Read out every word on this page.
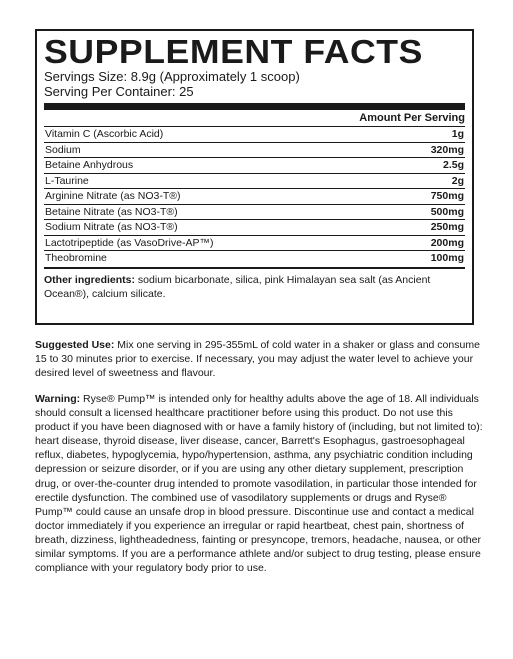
SUPPLEMENT FACTS
Servings Size: 8.9g (Approximately 1 scoop)
Serving Per Container: 25
Amount Per Serving
Vitamin C (Ascorbic Acid)	1g
Sodium	320mg
Betaine Anhydrous	2.5g
L-Taurine	2g
Arginine Nitrate (as NO3-T®)	750mg
Betaine Nitrate (as NO3-T®)	500mg
Sodium Nitrate (as NO3-T®)	250mg
Lactotripeptide (as VasoDrive-AP™)	200mg
Theobromine	100mg
Other ingredients: sodium bicarbonate, silica, pink Himalayan sea salt (as Ancient Ocean®), calcium silicate.
Suggested Use: Mix one serving in 295-355mL of cold water in a shaker or glass and consume 15 to 30 minutes prior to exercise. If necessary, you may adjust the water level to achieve your desired level of sweetness and flavour.
Warning: Ryse® Pump™ is intended only for healthy adults above the age of 18. All individuals should consult a licensed healthcare practitioner before using this product. Do not use this product if you have been diagnosed with or have a family history of (including, but not limited to): heart disease, thyroid disease, liver disease, cancer, Barrett's Esophagus, gastroesophageal reflux, diabetes, hypoglycemia, hypo/hypertension, asthma, any psychiatric condition including depression or seizure disorder, or if you are using any other dietary supplement, prescription drug, or over-the-counter drug intended to promote vasodilation, in particular those intended for erectile dysfunction. The combined use of vasodilatory supplements or drugs and Ryse® Pump™ could cause an unsafe drop in blood pressure. Discontinue use and contact a medical doctor immediately if you experience an irregular or rapid heartbeat, chest pain, shortness of breath, dizziness, lightheadedness, fainting or presyncope, tremors, headache, nausea, or other similar symptoms. If you are a performance athlete and/or subject to drug testing, please ensure compliance with your regulatory body prior to use.
